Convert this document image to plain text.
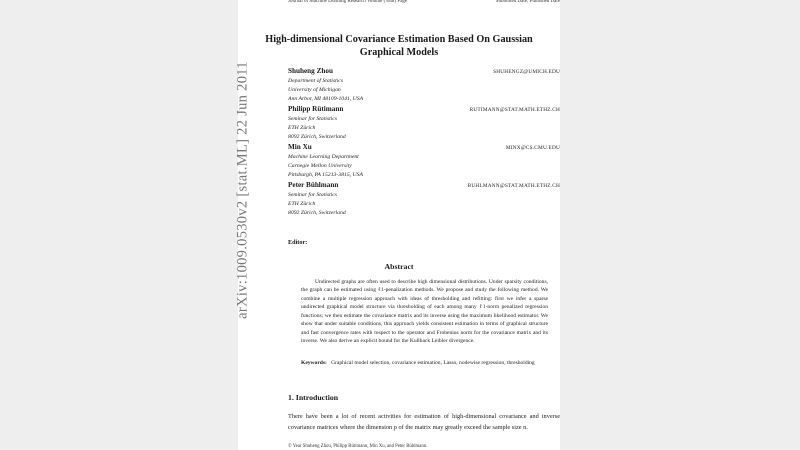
Journal of Machine Learning Research Volume (Year) Page	Submitted Date; Published Date
High-dimensional Covariance Estimation Based On Gaussian
Graphical Models
Shuheng Zhou	SHUHENGZ@UMICH.EDU
Department of Statistics
University of Michigan
Ann Arbor, MI 48109-1041, USA
Philipp Rütimann	RUTIMANN@STAT.MATH.ETHZ.CH
Seminar for Statistics
ETH Zürich
8092 Zürich, Switzerland
Min Xu	MINX@CS.CMU.EDU
Machine Learning Department
Carnegie Mellon University
Pittsburgh, PA 15213-3815, USA
Peter Bühlmann	BUHLMANN@STAT.MATH.ETHZ.CH
Seminar for Statistics
ETH Zürich
8092 Zürich, Switzerland
Editor:
Abstract
Undirected graphs are often used to describe high dimensional distributions. Under sparsity conditions, the graph can be estimated using ℓ1-penalization methods. We propose and study the following method. We combine a multiple regression approach with ideas of thresholding and refitting: first we infer a sparse undirected graphical model structure via thresholding of each among many ℓ1-norm penalized regression functions; we then estimate the covariance matrix and its inverse using the maximum likelihood estimator. We show that under suitable conditions, this approach yields consistent estimation in terms of graphical structure and fast convergence rates with respect to the operator and Frobenius norm for the covariance matrix and its inverse. We also derive an explicit bound for the Kullback Leibler divergence.
Keywords: Graphical model selection, covariance estimation, Lasso, nodewise regression, thresholding
1. Introduction
There have been a lot of recent activities for estimation of high-dimensional covariance and inverse covariance matrices where the dimension p of the matrix may greatly exceed the sample size n.
© Year Shuheng Zhou, Philipp Rütimann, Min Xu, and Peter Bühlmann.
arXiv:1009.0530v2 [stat.ML] 22 Jun 2011
